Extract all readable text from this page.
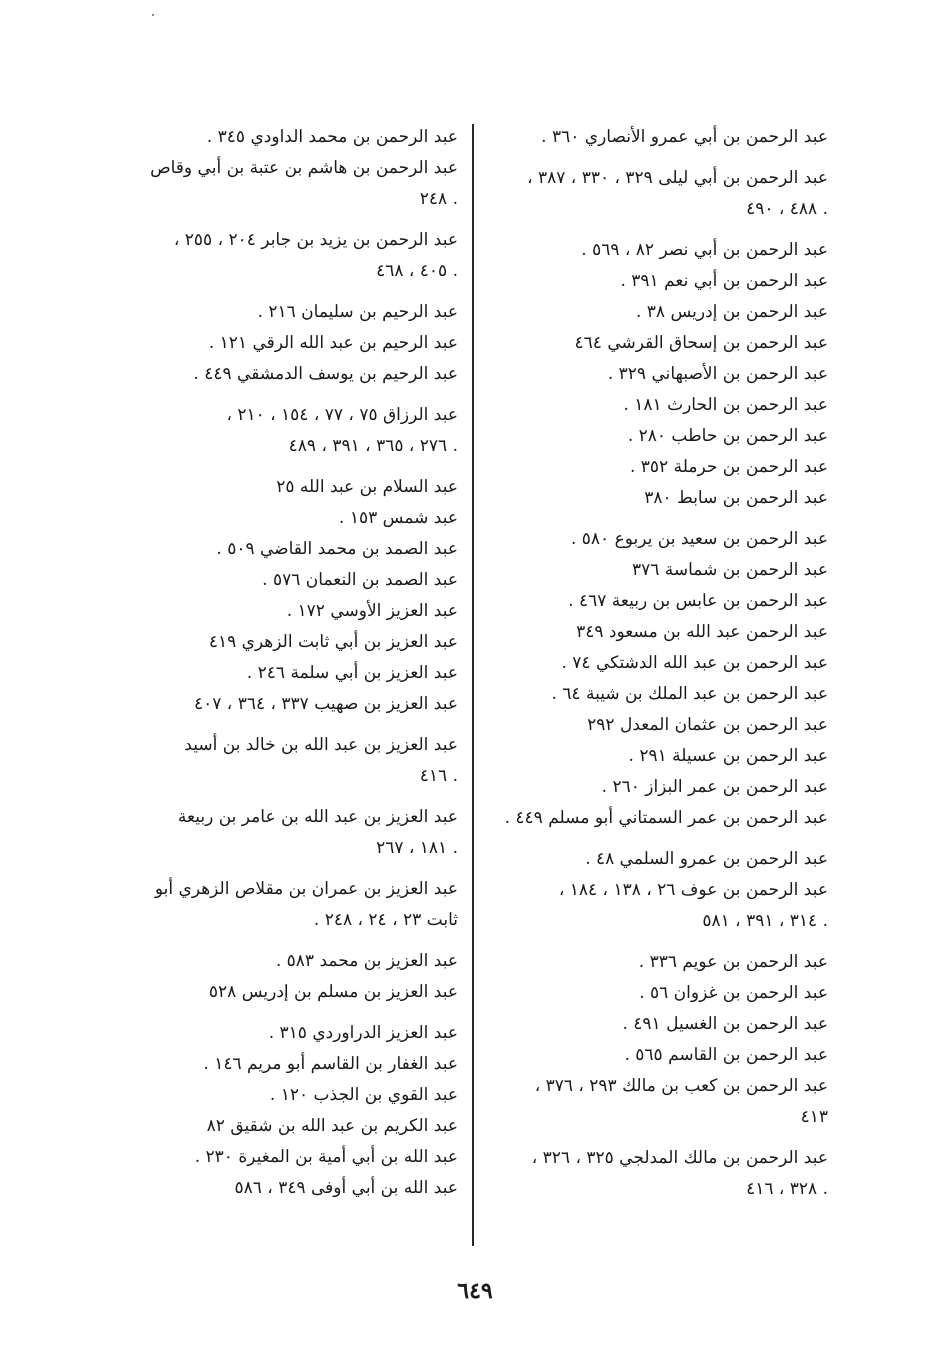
عبد الرحمن بن أبي عمرو الأنصاري ٣٦٠ .
عبد الرحمن بن أبي ليلى ٣٢٩ ، ٣٣٠ ، ٣٨٧ ،
٤٨٨ ، ٤٩٠ .
عبد الرحمن بن أبي نصر ٨٢ ، ٥٦٩ .
عبد الرحمن بن أبي نعم ٣٩١ .
عبد الرحمن بن إدريس ٣٨ .
عبد الرحمن بن إسحاق القرشي ٤٦٤
عبد الرحمن بن الأصبهاني ٣٢٩ .
عبد الرحمن بن الحارث ١٨١ .
عبد الرحمن بن حاطب ٢٨٠ .
عبد الرحمن بن حرملة ٣٥٢ .
عبد الرحمن بن سابط ٣٨٠
عبد الرحمن بن سعيد بن يربوع ٥٨٠ .
عبد الرحمن بن شماسة ٣٧٦
عبد الرحمن بن عابس بن ربيعة ٤٦٧ .
عبد الرحمن عبد الله بن مسعود ٣٤٩
عبد الرحمن بن عبد الله الدشتكي ٧٤ .
عبد الرحمن بن عبد الملك بن شيبة ٦٤ .
عبد الرحمن بن عثمان المعدل ٢٩٢
عبد الرحمن بن عسيلة ٢٩١ .
عبد الرحمن بن عمر البزاز ٢٦٠ .
عبد الرحمن بن عمر السمتاني أبو مسلم ٤٤٩ .
عبد الرحمن بن عمرو السلمي ٤٨ .
عبد الرحمن بن عوف ٢٦ ، ١٣٨ ، ١٨٤ ،
٣١٤ ، ٣٩١ ، ٥٨١ .
عبد الرحمن بن عويم ٣٣٦ .
عبد الرحمن بن غزوان ٥٦ .
عبد الرحمن بن الغسيل ٤٩١ .
عبد الرحمن بن القاسم ٥٦٥ .
عبد الرحمن بن كعب بن مالك ٢٩٣ ، ٣٧٦ ،
٤١٣
عبد الرحمن بن مالك المدلجي ٣٢٥ ، ٣٢٦ ،
٣٢٨ ، ٤١٦ .
عبد الرحمن بن محمد الداودي ٣٤٥ .
عبد الرحمن بن هاشم بن عتبة بن أبي وقاص
٢٤٨ .
عبد الرحمن بن يزيد بن جابر ٢٠٤ ، ٢٥٥ ،
٤٠٥ ، ٤٦٨ .
عبد الرحيم بن سليمان ٢١٦ .
عبد الرحيم بن عبد الله الرقي ١٢١ .
عبد الرحيم بن يوسف الدمشقي ٤٤٩ .
عبد الرزاق ٧٥ ، ٧٧ ، ١٥٤ ، ٢١٠ ،
٢٧٦ ، ٣٦٥ ، ٣٩١ ، ٤٨٩ .
عبد السلام بن عبد الله ٢٥
عبد شمس ١٥٣ .
عبد الصمد بن محمد القاضي ٥٠٩ .
عبد الصمد بن النعمان ٥٧٦ .
عبد العزيز الأوسي ١٧٢ .
عبد العزيز بن أبي ثابت الزهري ٤١٩
عبد العزيز بن أبي سلمة ٢٤٦ .
عبد العزيز بن صهيب ٣٣٧ ، ٣٦٤ ، ٤٠٧
عبد العزيز بن عبد الله بن خالد بن أسيد
٤١٦ .
عبد العزيز بن عبد الله بن عامر بن ربيعة
١٨١ ، ٢٦٧ .
عبد العزيز بن عمران بن مقلاص الزهري أبو
ثابت ٢٣ ، ٢٤ ، ٢٤٨ .
عبد العزيز بن محمد ٥٨٣ .
عبد العزيز بن مسلم بن إدريس ٥٢٨
عبد العزيز الدراوردي ٣١٥ .
عبد الغفار بن القاسم أبو مريم ١٤٦ .
عبد القوي بن الجذب ١٢٠ .
عبد الكريم بن عبد الله بن شقيق ٨٢
عبد الله بن أبي أمية بن المغيرة ٢٣٠ .
عبد الله بن أبي أوفى ٣٤٩ ، ٥٨٦
٦٤٩
